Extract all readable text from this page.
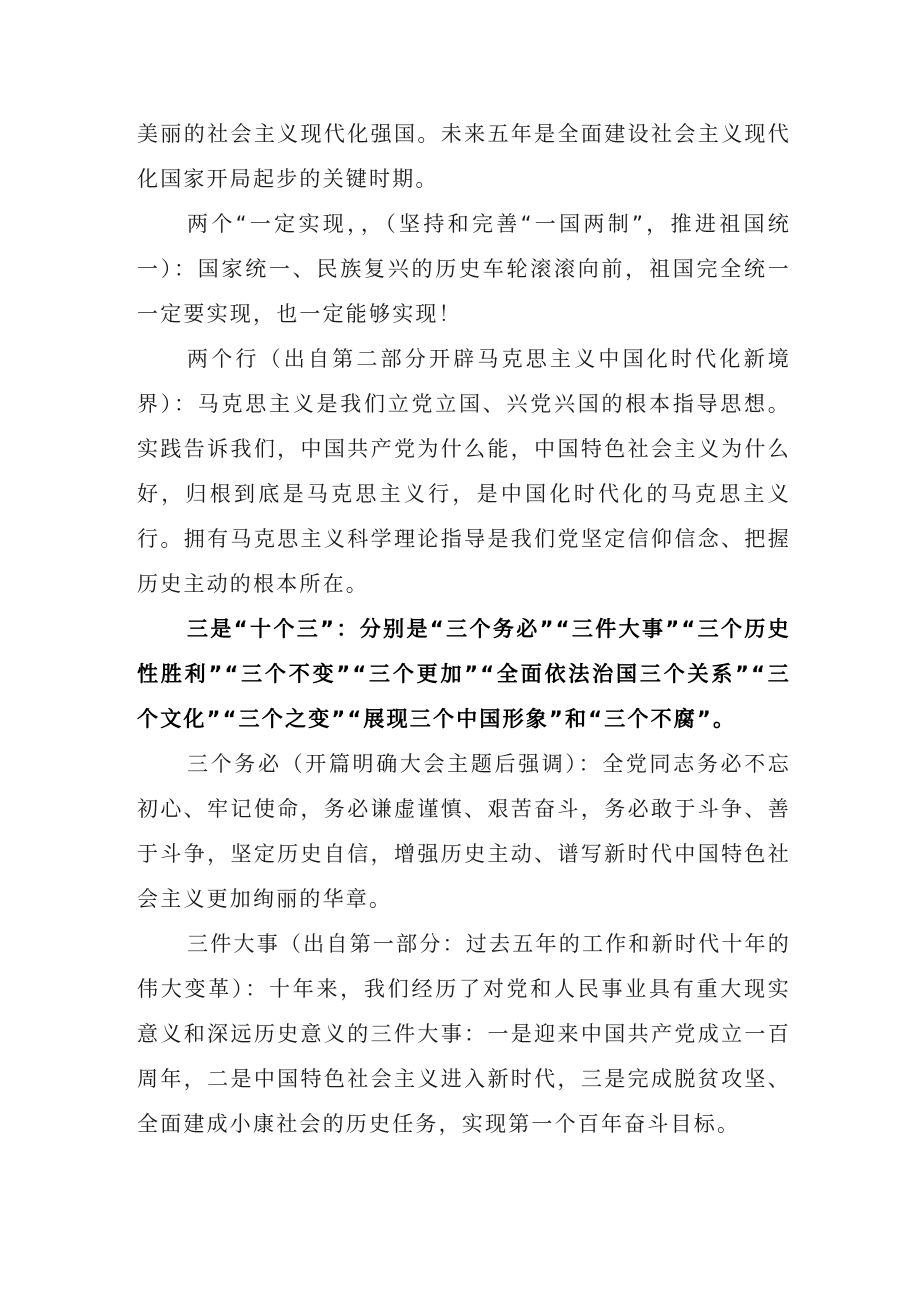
美丽的社会主义现代化强国。未来五年是全面建设社会主义现代化国家开局起步的关键时期。

两个“一定实现，，（坚持和完善“一国两制”，推进祖国统一）：国家统一、民族复兴的历史车轮滚滚向前，祖国完全统一一定要实现，也一定能够实现！

两个行（出自第二部分开辟马克思主义中国化时代化新境界）：马克思主义是我们立党立国、兴党兴国的根本指导思想。实践告诉我们，中国共产党为什么能，中国特色社会主义为什么好，归根到底是马克思主义行，是中国化时代化的马克思主义行。拥有马克思主义科学理论指导是我们党坚定信仰信念、把握历史主动的根本所在。

三是“十个三”：分别是“三个务必”“三件大事”“三个历史性胜利”“三个不变”“三个更加”“全面依法治国三个关系”“三个文化”“三个之变”“展现三个中国形象”和“三个不腐”。

三个务必（开篇明确大会主题后强调）：全党同志务必不忘初心、牢记使命，务必谦虚谨慎、艰苦奋斗，务必敢于斗争、善于斗争，坚定历史自信，增强历史主动、谱写新时代中国特色社会主义更加绚丽的华章。

三件大事（出自第一部分：过去五年的工作和新时代十年的伟大变革）：十年来，我们经历了对党和人民事业具有重大现实意义和深远历史意义的三件大事：一是迎来中国共产党成立一百周年，二是中国特色社会主义进入新时代，三是完成脱贫攻坚、全面建成小康社会的历史任务，实现第一个百年奋斗目标。
